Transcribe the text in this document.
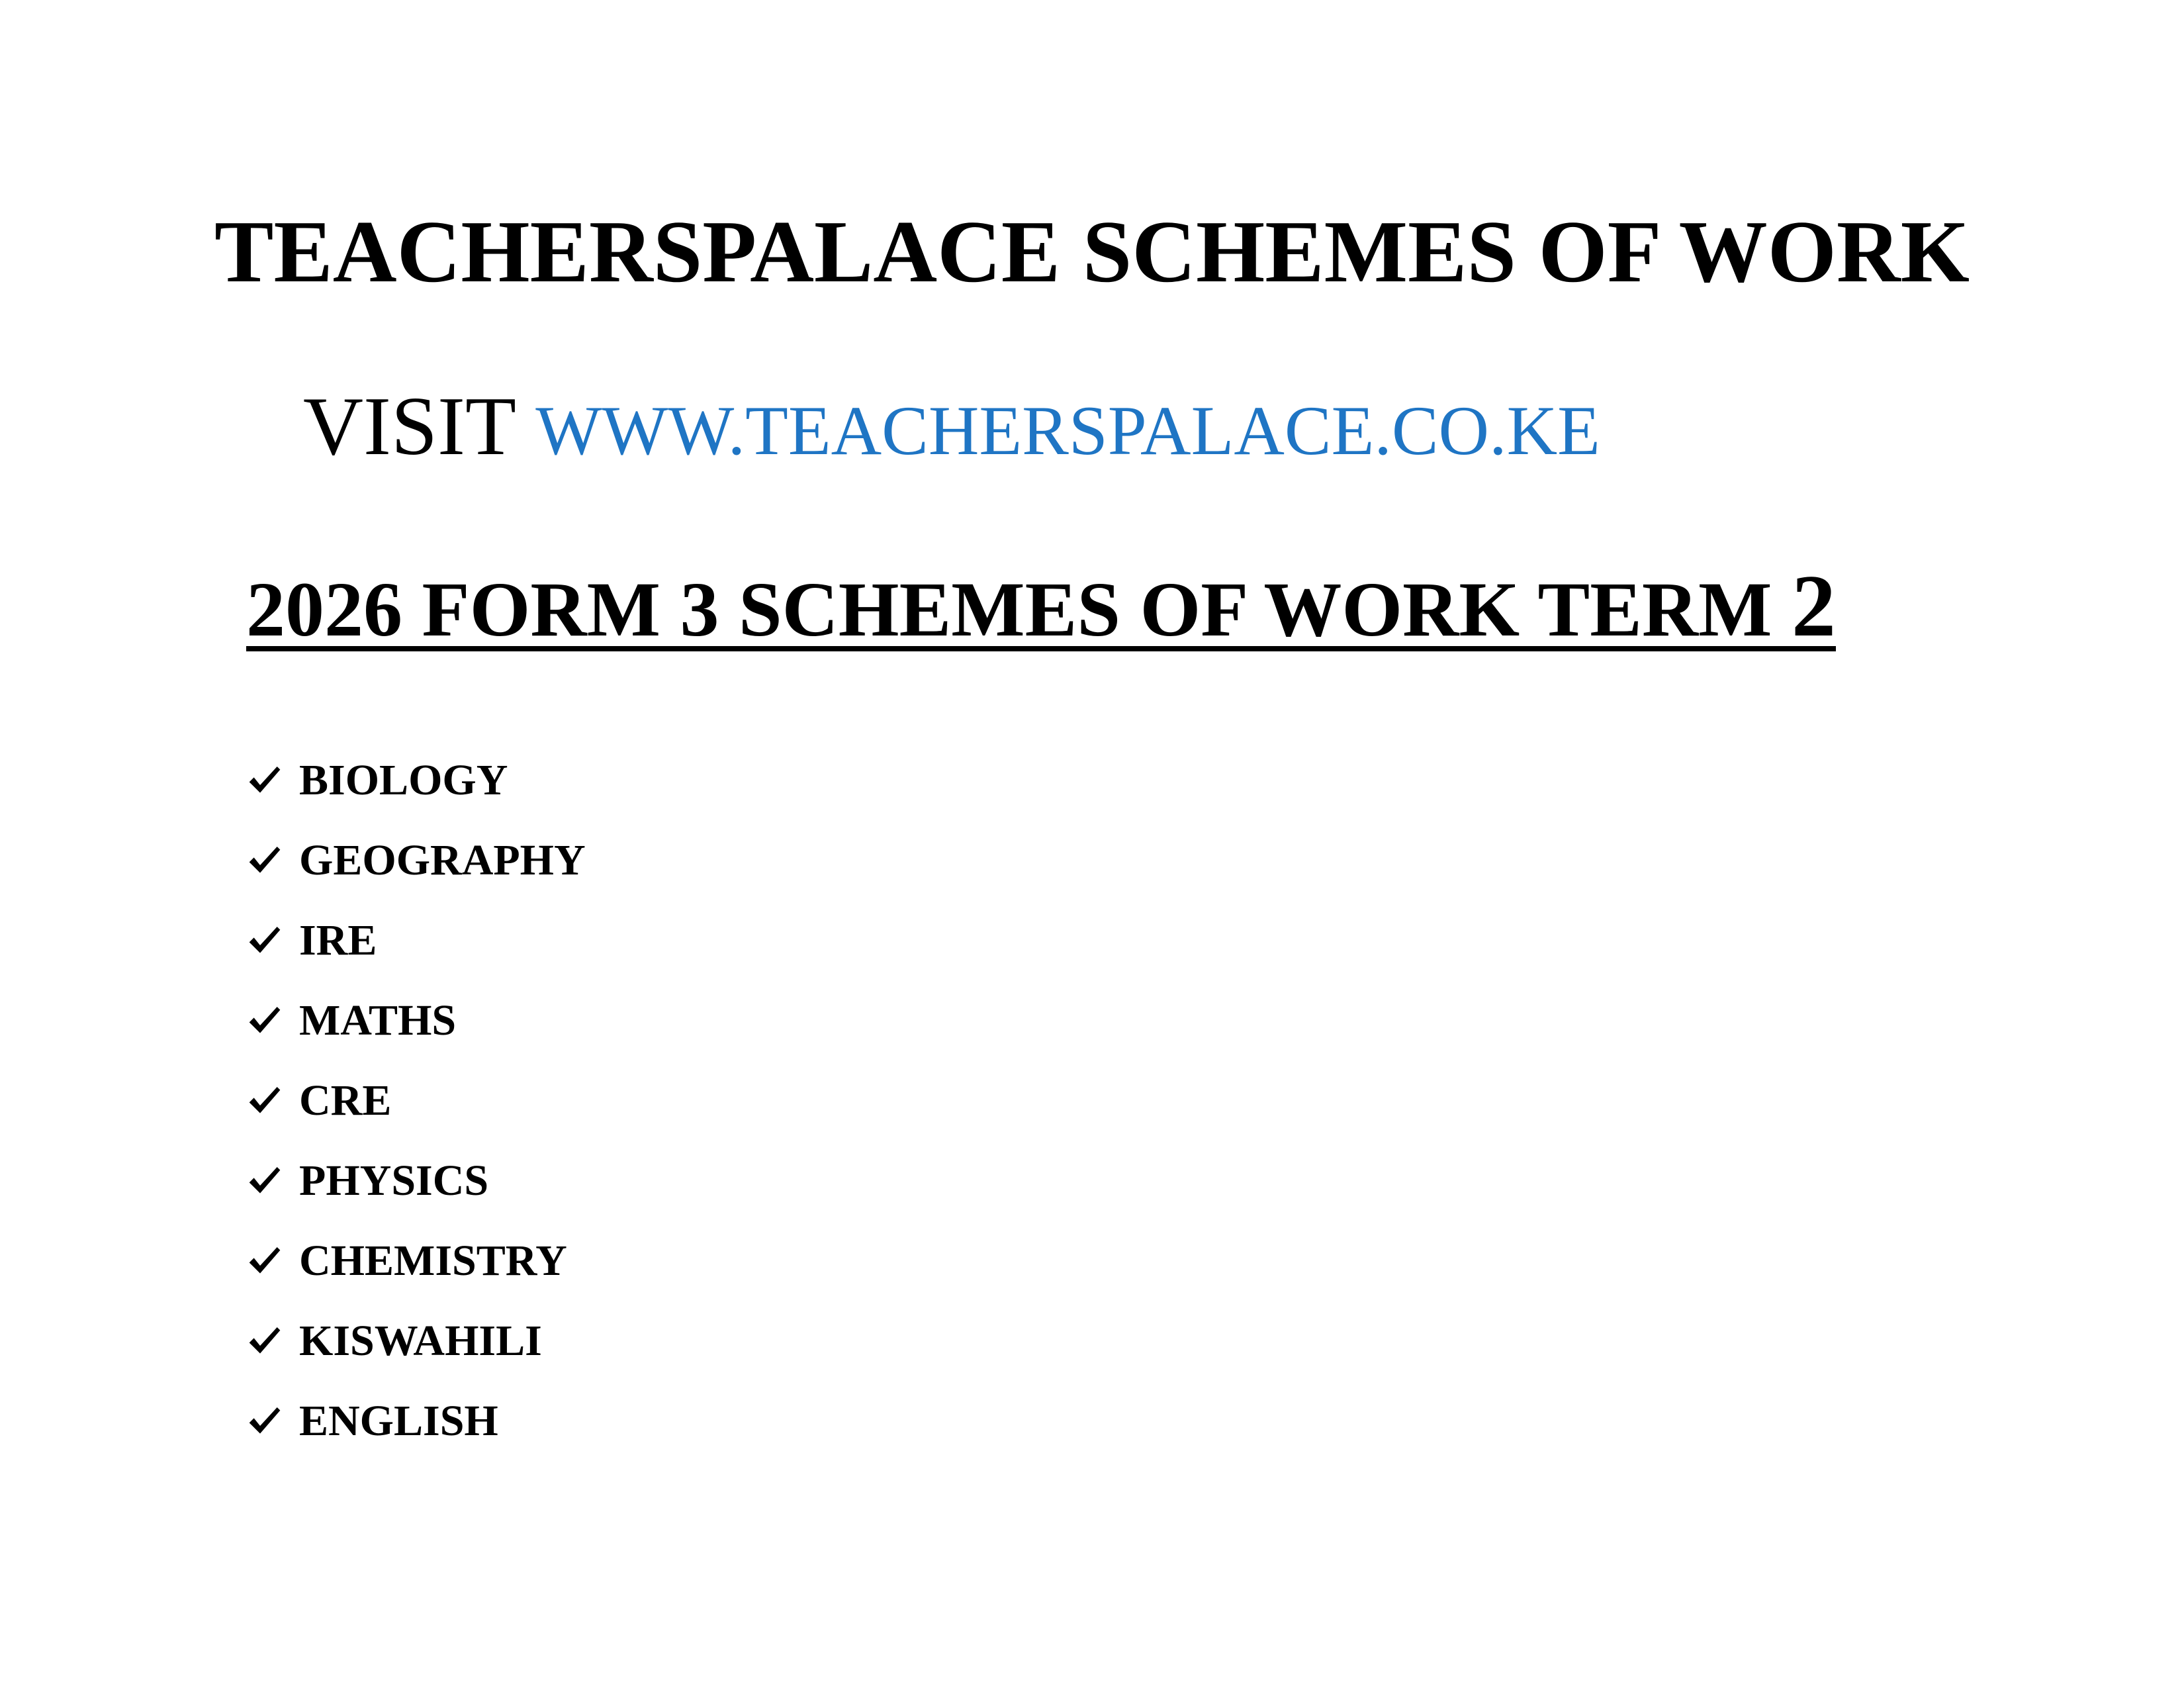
TEACHERSPALACE SCHEMES OF WORK
VISIT WWW.TEACHERSPALACE.CO.KE
2026 FORM 3 SCHEMES OF WORK TERM 2
BIOLOGY
GEOGRAPHY
IRE
MATHS
CRE
PHYSICS
CHEMISTRY
KISWAHILI
ENGLISH
